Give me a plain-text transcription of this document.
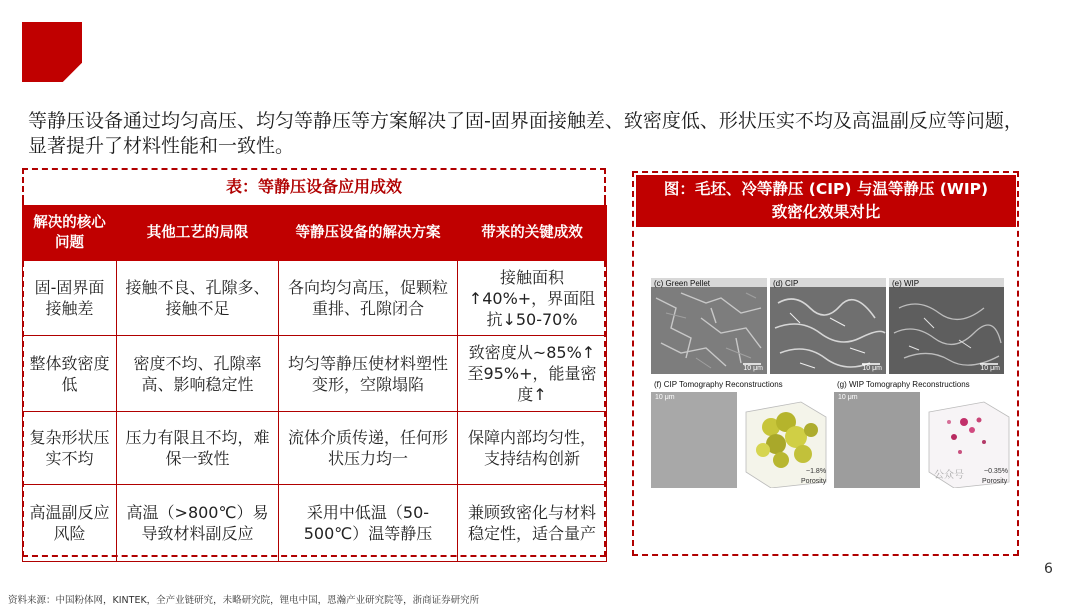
等静压设备通过均匀高压、均匀等静压等方案解决了固-固界面接触差、致密度低、形状压实不均及高温副反应等问题，显著提升了材料性能和一致性。
表：等静压设备应用成效
解决的核心问题	其他工艺的局限	等静压设备的解决方案	带来的关键成效
固-固界面接触差	接触不良、孔隙多、接触不足	各向均匀高压，促颗粒重排、孔隙闭合	接触面积↑40%+，界面阻抗↓50-70%
整体致密度低	密度不均、孔隙率高、影响稳定性	均匀等静压使材料塑性变形，空隙塌陷	致密度从~85%↑至95%+，能量密度↑
复杂形状压实不均	压力有限且不均，难保一致性	流体介质传递，任何形状压力均一	保障内部均匀性，支持结构创新
高温副反应风险	高温（>800℃）易导致材料副反应	采用中低温（50-500℃）温等静压	兼顾致密化与材料稳定性，适合量产
图：毛坯、冷等静压 (CIP) 与温等静压 (WIP)
致密化效果对比
(c) Green Pellet
10 μm
(d) CIP
10 μm
(e) WIP
10 μm
(f) CIP Tomography Reconstructions
10 μm
~1.8%
Porosity
(g) WIP Tomography Reconstructions
10 μm
~0.35%
Porosity
公众号
6
资料来源：中国粉体网，KINTEK，全产业链研究，未略研究院，锂电中国，恩瀚产业研究院等，浙商证券研究所
